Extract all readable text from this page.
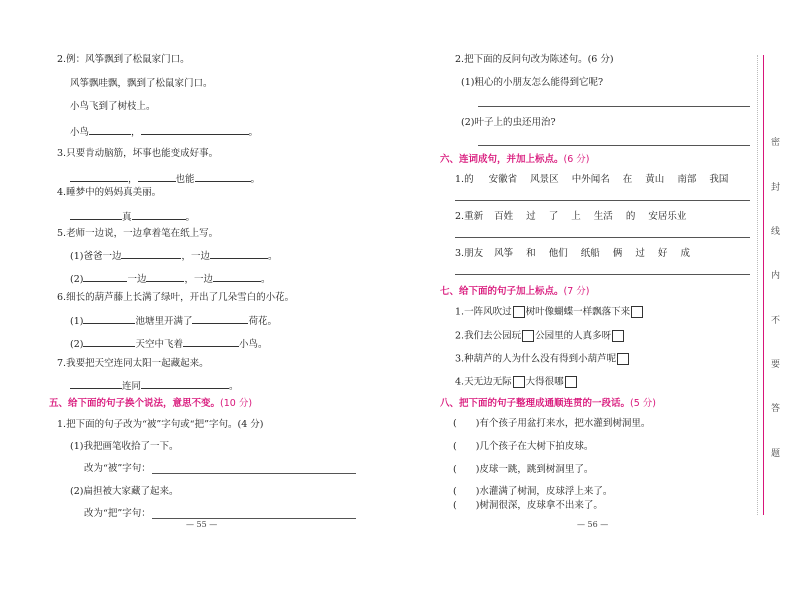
2.例：风筝飘到了松鼠家门口。
风筝飘哇飘，飘到了松鼠家门口。
小鸟飞到了树枝上。
小鸟	，	。
3.只要肯动脑筋，坏事也能变成好事。
，	也能	。
4.睡梦中的妈妈真美丽。
真	。
5.老师一边说，一边拿着笔在纸上写。
(1)爸爸一边	，一边	。
(2)	一边	，一边	。
6.细长的葫芦藤上长满了绿叶，开出了几朵雪白的小花。
(1)	池塘里开满了	荷花。
(2)	天空中飞着	小鸟。
7.我要把天空连同太阳一起藏起来。
连同	。
五、给下面的句子换个说法，意思不变。(10 分)
1.把下面的句子改为“被”字句或“把”字句。(4 分)
(1)我把画笔收拾了一下。
改为“被”字句：
(2)扁担被大家藏了起来。
改为“把”字句：
— 55 —
2.把下面的反问句改为陈述句。(6 分)
(1)粗心的小朋友怎么能得到它呢?
(2)叶子上的虫还用治?
六、连词成句，并加上标点。(6 分)
1.的 安徽省 风景区 中外闻名 在 黄山 南部 我国
2.重新 百姓 过 了 上 生活 的 安居乐业
3.朋友 风筝 和 他们 纸船 俩 过 好 成
七、给下面的句子加上标点。(7 分)
1.一阵风吹过 树叶像蝴蝶一样飘落下来
2.我们去公园玩 公园里的人真多呀
3.种葫芦的人为什么没有得到小葫芦呢
4.天无边无际 大得很哪
八、把下面的句子整理成通顺连贯的一段话。(5 分)
(　　)有个孩子用盆打来水，把水灌到树洞里。
(　　)几个孩子在大树下拍皮球。
(　　)皮球一跳，跳到树洞里了。
(　　)水灌满了树洞，皮球浮上来了。
(　　)树洞很深，皮球拿不出来了。
— 56 —
密
封
线
内
不
要
答
题
